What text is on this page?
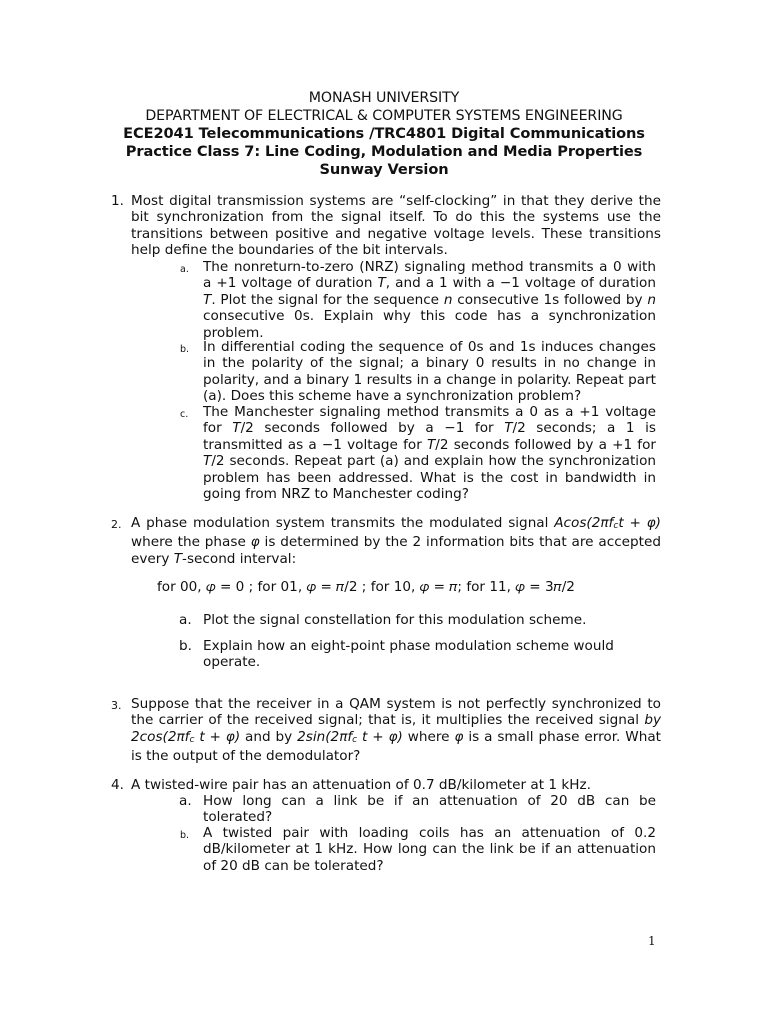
MONASH UNIVERSITY
DEPARTMENT OF ELECTRICAL & COMPUTER SYSTEMS ENGINEERING
ECE2041 Telecommunications /TRC4801 Digital Communications
Practice Class 7: Line Coding, Modulation and Media Properties
Sunway Version
1. Most digital transmission systems are “self-clocking” in that they derive the bit synchronization from the signal itself. To do this the systems use the transitions between positive and negative voltage levels. These transitions help define the boundaries of the bit intervals.
a. The nonreturn-to-zero (NRZ) signaling method transmits a 0 with a +1 voltage of duration T, and a 1 with a −1 voltage of duration T. Plot the signal for the sequence n consecutive 1s followed by n consecutive 0s. Explain why this code has a synchronization problem.
b. In differential coding the sequence of 0s and 1s induces changes in the polarity of the signal; a binary 0 results in no change in polarity, and a binary 1 results in a change in polarity. Repeat part (a). Does this scheme have a synchronization problem?
c. The Manchester signaling method transmits a 0 as a +1 voltage for T/2 seconds followed by a −1 for T/2 seconds; a 1 is transmitted as a −1 voltage for T/2 seconds followed by a +1 for T/2 seconds. Repeat part (a) and explain how the synchronization problem has been addressed. What is the cost in bandwidth in going from NRZ to Manchester coding?
2. A phase modulation system transmits the modulated signal Acos(2πfct + φ) where the phase φ is determined by the 2 information bits that are accepted every T-second interval:
for 00, 𝜑 = 0 ; for 01, 𝜑 = 𝜋/2 ; for 10, 𝜑 = 𝜋; for 11, 𝜑 = 3𝜋/2
a. Plot the signal constellation for this modulation scheme.
b. Explain how an eight-point phase modulation scheme would operate.
3. Suppose that the receiver in a QAM system is not perfectly synchronized to the carrier of the received signal; that is, it multiplies the received signal by 2cos(2πfc t + φ) and by 2sin(2πfc t + φ) where φ is a small phase error. What is the output of the demodulator?
4. A twisted-wire pair has an attenuation of 0.7 dB/kilometer at 1 kHz.
a. How long can a link be if an attenuation of 20 dB can be tolerated?
b. A twisted pair with loading coils has an attenuation of 0.2 dB/kilometer at 1 kHz. How long can the link be if an attenuation of 20 dB can be tolerated?
1
